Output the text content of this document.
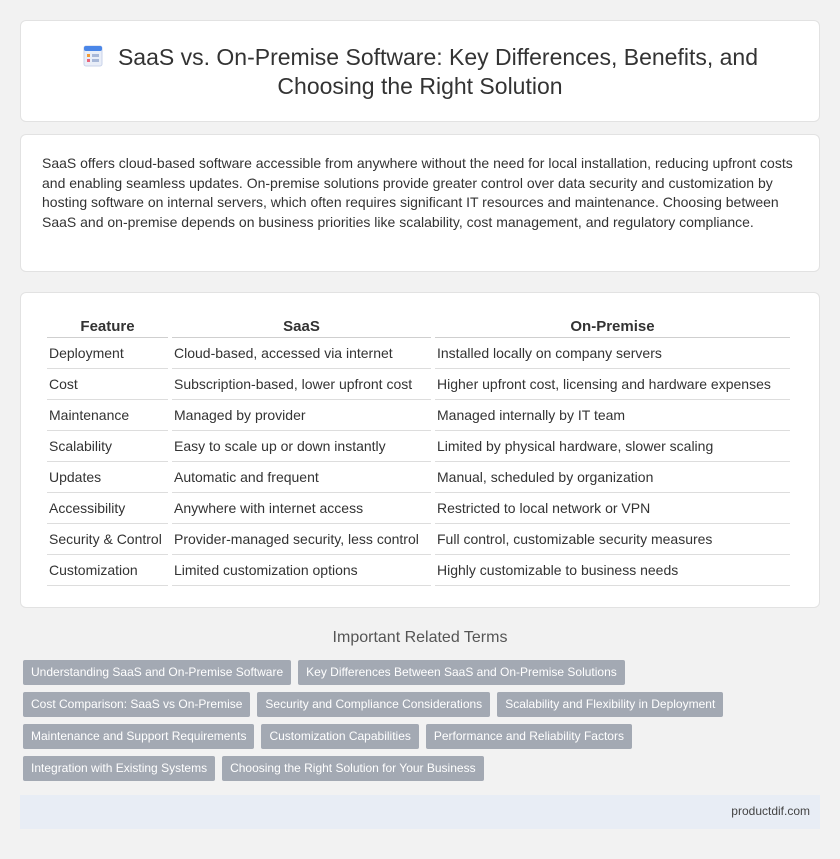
SaaS vs. On-Premise Software: Key Differences, Benefits, and Choosing the Right Solution

SaaS offers cloud-based software accessible from anywhere without the need for local installation, reducing upfront costs and enabling seamless updates. On-premise solutions provide greater control over data security and customization by hosting software on internal servers, which often requires significant IT resources and maintenance. Choosing between SaaS and on-premise depends on business priorities like scalability, cost management, and regulatory compliance.

Feature	SaaS	On-Premise
Deployment	Cloud-based, accessed via internet	Installed locally on company servers
Cost	Subscription-based, lower upfront cost	Higher upfront cost, licensing and hardware expenses
Maintenance	Managed by provider	Managed internally by IT team
Scalability	Easy to scale up or down instantly	Limited by physical hardware, slower scaling
Updates	Automatic and frequent	Manual, scheduled by organization
Accessibility	Anywhere with internet access	Restricted to local network or VPN
Security & Control	Provider-managed security, less control	Full control, customizable security measures
Customization	Limited customization options	Highly customizable to business needs
Important Related Terms
Understanding SaaS and On-Premise Software Key Differences Between SaaS and On-Premise Solutions
Cost Comparison: SaaS vs On-Premise Security and Compliance Considerations Scalability and Flexibility in Deployment
Maintenance and Support Requirements Customization Capabilities Performance and Reliability Factors
Integration with Existing Systems Choosing the Right Solution for Your Business
productdif.com
